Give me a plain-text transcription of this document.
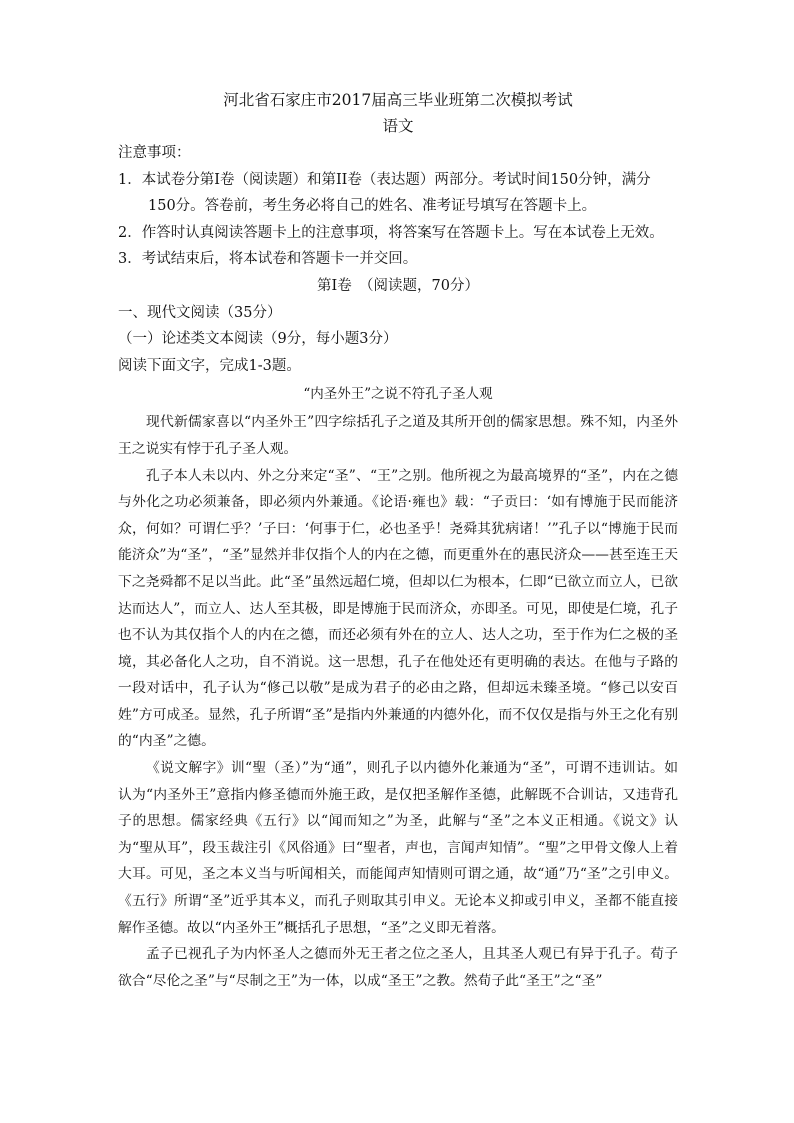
河北省石家庄市2017届高三毕业班第二次模拟考试

语文

注意事项：

1．本试卷分第I卷（阅读题）和第II卷（表达题）两部分。考试时间150分钟，满分150分。答卷前，考生务必将自己的姓名、准考证号填写在答题卡上。

2．作答时认真阅读答题卡上的注意事项，将答案写在答题卡上。写在本试卷上无效。

3．考试结束后，将本试卷和答题卡一并交回。

第I卷　（阅读题，70分）

一、现代文阅读（35分）

（一）论述类文本阅读（9分，每小题3分）

阅读下面文字，完成1-3题。

“内圣外王”之说不符孔子圣人观

现代新儒家喜以“内圣外王”四字综括孔子之道及其所开创的儒家思想。殊不知，内圣外王之说实有悖于孔子圣人观。

孔子本人未以内、外之分来定“圣”、“王”之别。他所视之为最高境界的“圣”，内在之德与外化之功必须兼备，即必须内外兼通。《论语·雍也》载：“子贡曰：‘如有博施于民而能济众，何如？可谓仁乎？’子曰：‘何事于仁，必也圣乎！尧舜其犹病诸！’”孔子以“博施于民而能济众”为“圣”，“圣”显然并非仅指个人的内在之德，而更重外在的惠民济众——甚至连王天下之尧舜都不足以当此。此“圣”虽然远超仁境，但却以仁为根本，仁即“已欲立而立人，已欲达而达人”，而立人、达人至其极，即是博施于民而济众，亦即圣。可见，即使是仁境，孔子也不认为其仅指个人的内在之德，而还必须有外在的立人、达人之功，至于作为仁之极的圣境，其必备化人之功，自不消说。这一思想，孔子在他处还有更明确的表达。在他与子路的一段对话中，孔子认为“修己以敬”是成为君子的必由之路，但却远未臻圣境。“修己以安百姓”方可成圣。显然，孔子所谓“圣”是指内外兼通的内德外化，而不仅仅是指与外王之化有别的“内圣”之德。

《说文解字》训“聖（圣）”为“通”，则孔子以内德外化兼通为“圣”，可谓不违训诂。如认为“内圣外王”意指内修圣德而外施王政，是仅把圣解作圣德，此解既不合训诂，又违背孔子的思想。儒家经典《五行》以“闻而知之”为圣，此解与“圣”之本义正相通。《说文》认为“聖从耳”，段玉裁注引《风俗通》曰“聖者，声也，言闻声知情”。“聖”之甲骨文像人上着大耳。可见，圣之本义当与听闻相关，而能闻声知情则可谓之通，故“通”乃“圣”之引申义。《五行》所谓“圣”近乎其本义，而孔子则取其引申义。无论本义抑或引申义，圣都不能直接解作圣德。故以“内圣外王”概括孔子思想，“圣”之义即无着落。

孟子已视孔子为内怀圣人之德而外无王者之位之圣人，且其圣人观已有异于孔子。荀子欲合“尽伦之圣”与“尽制之王”为一体，以成“圣王”之教。然荀子此“圣王”之“圣”
